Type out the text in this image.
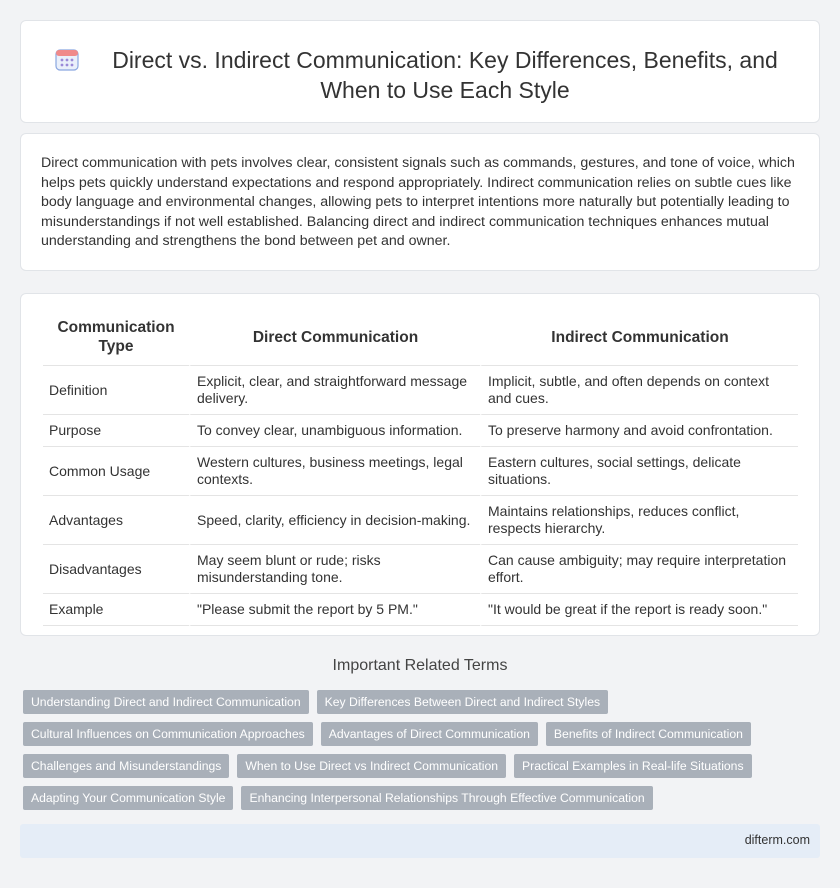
Direct vs. Indirect Communication: Key Differences, Benefits, and When to Use Each Style

Direct communication with pets involves clear, consistent signals such as commands, gestures, and tone of voice, which helps pets quickly understand expectations and respond appropriately. Indirect communication relies on subtle cues like body language and environmental changes, allowing pets to interpret intentions more naturally but potentially leading to misunderstandings if not well established. Balancing direct and indirect communication techniques enhances mutual understanding and strengthens the bond between pet and owner.

Communication Type	Direct Communication	Indirect Communication
Definition	Explicit, clear, and straightforward message delivery.	Implicit, subtle, and often depends on context and cues.
Purpose	To convey clear, unambiguous information.	To preserve harmony and avoid confrontation.
Common Usage	Western cultures, business meetings, legal contexts.	Eastern cultures, social settings, delicate situations.
Advantages	Speed, clarity, efficiency in decision-making.	Maintains relationships, reduces conflict, respects hierarchy.
Disadvantages	May seem blunt or rude; risks misunderstanding tone.	Can cause ambiguity; may require interpretation effort.
Example	"Please submit the report by 5 PM."	"It would be great if the report is ready soon."
Important Related Terms
Understanding Direct and Indirect Communication	Key Differences Between Direct and Indirect Styles
Cultural Influences on Communication Approaches	Advantages of Direct Communication	Benefits of Indirect Communication
Challenges and Misunderstandings	When to Use Direct vs Indirect Communication	Practical Examples in Real-life Situations
Adapting Your Communication Style	Enhancing Interpersonal Relationships Through Effective Communication
difterm.com
